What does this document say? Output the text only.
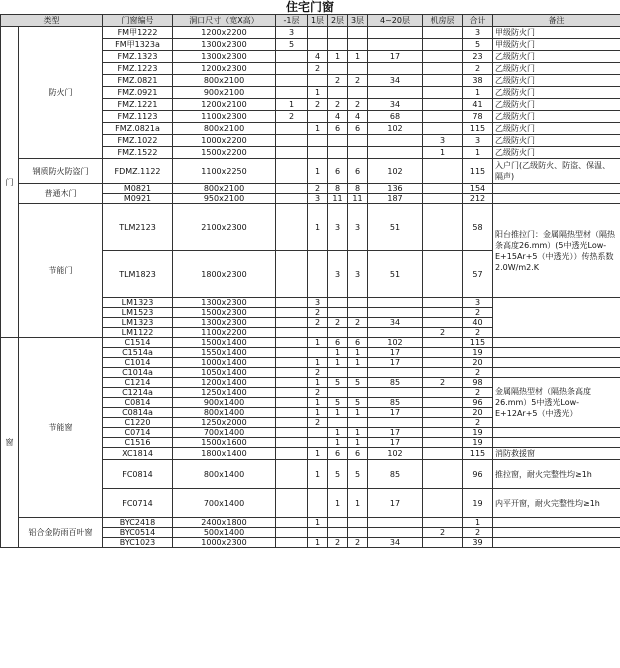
住宅门窗
类型		门窗编号	洞口尺寸（宽X高）	-1层	1层	2层	3层	4~20层	机房层	合计	备注
门	防火门	FM甲1222	1200x2200	3						3	甲级防火门
		FM甲1323a	1300x2300	5						5	甲级防火门
		FMZ.1323	1300x2300		4	1	1	17		23	乙级防火门
		FMZ.1223	1200x2300		2					2	乙级防火门
		FMZ.0821	800x2100			2	2	34		38	乙级防火门
		FMZ.0921	900x2100		1					1	乙级防火门
		FMZ.1221	1200x2100	1	2	2	2	34		41	乙级防火门
		FMZ.1123	1100x2300	2		4	4	68		78	乙级防火门
		FMZ.0821a	800x2100		1	6	6	102		115	乙级防火门
		FMZ.1022	1000x2200						3	3	乙级防火门
		FMZ.1522	1500x2200						1	1	乙级防火门
	钢质防火防盗门	FDMZ.1122	1100x2250		1	6	6	102		115	入户门(乙级防火、防盗、保温、隔声)
	普通木门	M0821	800x2100		2	8	8	136		154	
		M0921	950x2100		3	11	11	187		212	
	节能门	TLM2123	2100x2300		1	3	3	51		58	阳台推拉门：金属隔热型材（隔热条高度26.mm）(5中透光Low-E+15Ar+5（中透光））传热系数2.0W/m2.K
		TLM1823	1800x2300			3	3	51		57	
		LM1323	1300x2300		3					3	
		LM1523	1500x2300		2					2	
		LM1323	1300x2300		2	2	2	34		40	
		LM1122	1100x2200						2	2	
窗	节能窗	C1514	1500x1400		1	6	6	102		115	
		C1514a	1550x1400			1	1	17		19	
		C1014	1000x1400		1	1	1	17		20	
		C1014a	1050x1400		2					2	
		C1214	1200x1400		1	5	5	85	2	98	金属隔热型材（隔热条高度26.mm）5中透光Low-E+12Ar+5（中透光）
		C1214a	1250x1400		2					2	
		C0814	900x1400		1	5	5	85		96	
		C0814a	800x1400		1	1	1	17		20	
		C1220	1250x2000		2					2	
		C0714	700x1400			1	1	17		19	
		C1516	1500x1600			1	1	17		19	
		XC1814	1800x1400		1	6	6	102		115	消防救援窗
		FC0814	800x1400		1	5	5	85		96	推拉窗，耐火完整性均≥1h
		FC0714	700x1400			1	1	17		19	内平开窗，耐火完整性均≥1h
	铝合金防雨百叶窗	BYC2418	2400x1800		1					1	
		BYC0514	500x1400						2	2	
		BYC1023	1000x2300		1	2	2	34		39	
